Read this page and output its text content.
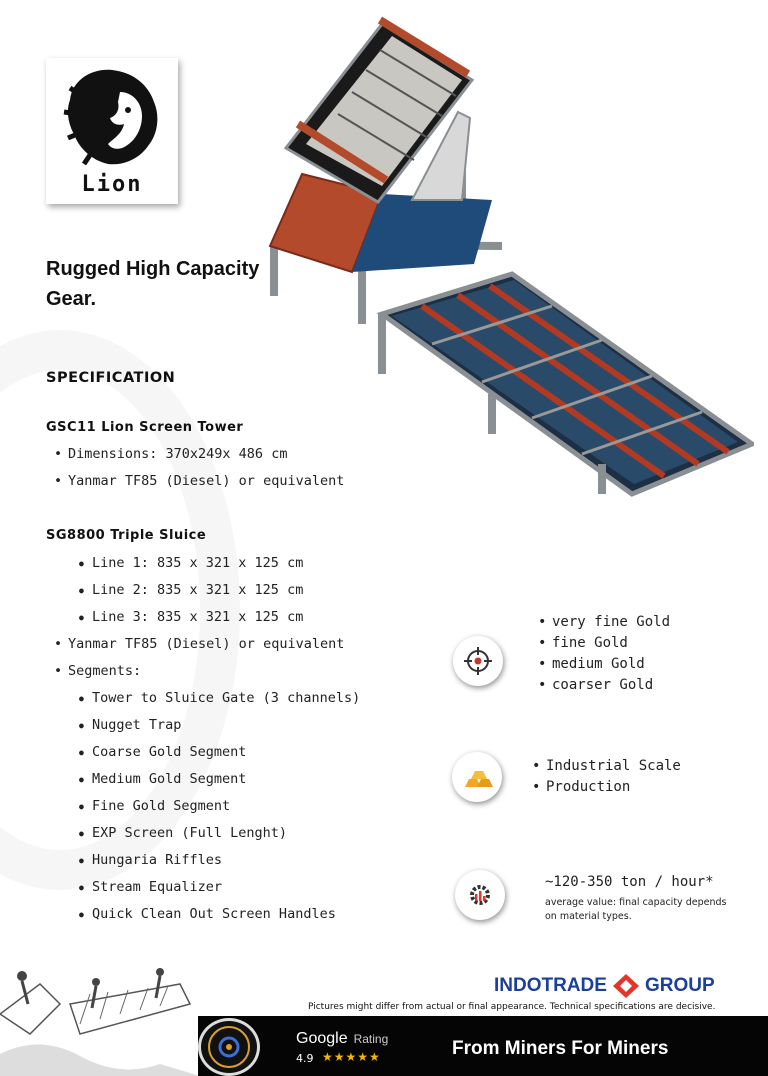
Lion
Rugged High Capacity Gear.
SPECIFICATION
GSC11 Lion Screen Tower
• Dimensions: 370x249x 486 cm
• Yanmar TF85 (Diesel) or equivalent
SG8800 Triple Sluice
● Line 1: 835 x 321 x 125 cm
● Line 2: 835 x 321 x 125 cm
● Line 3: 835 x 321 x 125 cm
• Yanmar TF85 (Diesel) or equivalent
• Segments:
● Tower to Sluice Gate (3 channels)
● Nugget Trap
● Coarse Gold Segment
● Medium Gold Segment
● Fine Gold Segment
● EXP Screen (Full Lenght)
● Hungaria Riffles
● Stream Equalizer
● Quick Clean Out Screen Handles
• very fine Gold
• fine Gold
• medium Gold
• coarser Gold
• Industrial Scale
• Production
~120-350 ton / hour*
average value: final capacity depends on material types.
INDOTRADE GROUP
Pictures might differ from actual or final appearance. Technical specifications are decisive.
Google Rating
4.9 ★★★★★	From Miners For Miners
